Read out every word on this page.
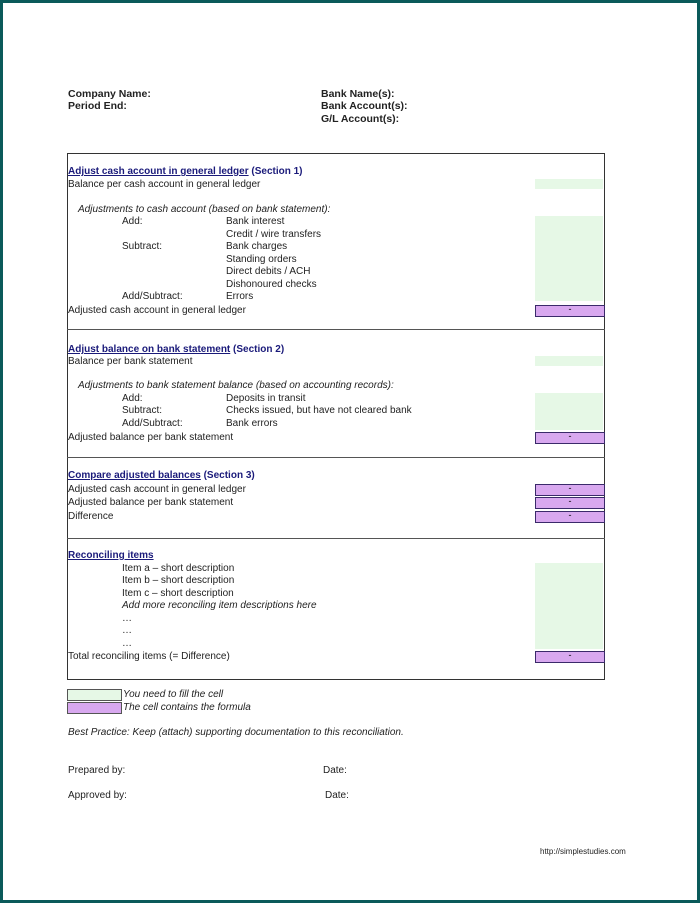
Company Name:
Period End:
Bank Name(s):
Bank Account(s):
G/L Account(s):
Adjust cash account in general ledger (Section 1)
Balance per cash account in general ledger
Adjustments to cash account (based on bank statement):
Add:	Bank interest
Credit / wire transfers
Subtract:	Bank charges
Standing orders
Direct debits / ACH
Dishonoured checks
Add/Subtract:	Errors
Adjusted cash account in general ledger	-
Adjust balance on bank statement (Section 2)
Balance per bank statement
Adjustments to bank statement balance (based on accounting records):
Add:	Deposits in transit
Subtract:	Checks issued, but have not cleared bank
Add/Subtract:	Bank errors
Adjusted balance per bank statement	-
Compare adjusted balances (Section 3)
Adjusted cash account in general ledger	-
Adjusted balance per bank statement	-
Difference	-
Reconciling items
Item a – short description
Item b – short description
Item c – short description
Add more reconciling item descriptions here
…
…
…
Total reconciling items (= Difference)	-
You need to fill the cell
The cell contains the formula
Best Practice: Keep (attach) supporting documentation to this reconciliation.
Prepared by:	Date:
Approved by:	Date:
http://simplestudies.com
